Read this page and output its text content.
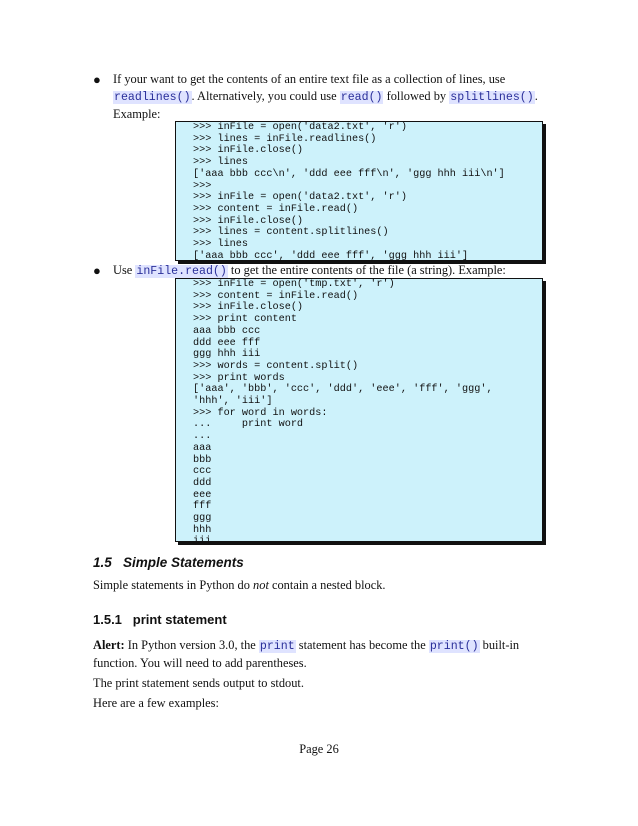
● If your want to get the contents of an entire text file as a collection of lines, use readlines(). Alternatively, you could use read() followed by splitlines(). Example:
>>> inFile = open('data2.txt', 'r')
>>> lines = inFile.readlines()
>>> inFile.close()
>>> lines
['aaa bbb ccc\n', 'ddd eee fff\n', 'ggg hhh iii\n']
>>>
>>> inFile = open('data2.txt', 'r')
>>> content = inFile.read()
>>> inFile.close()
>>> lines = content.splitlines()
>>> lines
['aaa bbb ccc', 'ddd eee fff', 'ggg hhh iii']
● Use inFile.read() to get the entire contents of the file (a string). Example:
>>> inFile = open('tmp.txt', 'r')
>>> content = inFile.read()
>>> inFile.close()
>>> print content
aaa bbb ccc
ddd eee fff
ggg hhh iii
>>> words = content.split()
>>> print words
['aaa', 'bbb', 'ccc', 'ddd', 'eee', 'fff', 'ggg',
'hhh', 'iii']
>>> for word in words:
...     print word
...
aaa
bbb
ccc
ddd
eee
fff
ggg
hhh
iii
1.5   Simple Statements
Simple statements in Python do not contain a nested block.
1.5.1   print statement
Alert: In Python version 3.0, the print statement has become the print() built-in function. You will need to add parentheses.
The print statement sends output to stdout.
Here are a few examples:
Page 26
